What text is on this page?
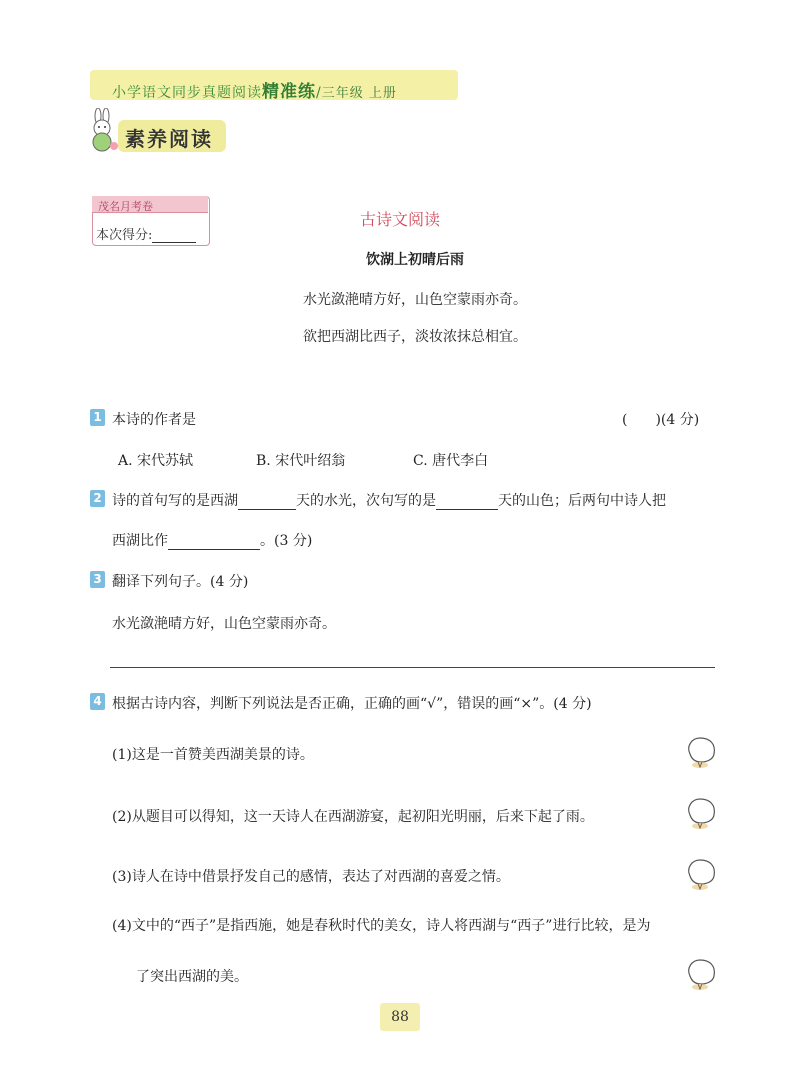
小学语文同步真题阅读精准练/三年级 上册
素养阅读
茂名月考卷
本次得分:
古诗文阅读
饮湖上初晴后雨
水光潋滟晴方好，山色空蒙雨亦奇。
欲把西湖比西子，淡妆浓抹总相宜。
1 本诗的作者是	(　　)(4 分)
A. 宋代苏轼	B. 宋代叶绍翁	C. 唐代李白
2 诗的首句写的是西湖	天的水光，次句写的是	天的山色；后两句中诗人把
西湖比作	。(3 分)
3 翻译下列句子。(4 分)
水光潋滟晴方好，山色空蒙雨亦奇。
4 根据古诗内容，判断下列说法是否正确，正确的画“√”，错误的画“×”。(4 分)
(1)这是一首赞美西湖美景的诗。
(2)从题目可以得知，这一天诗人在西湖游宴，起初阳光明丽，后来下起了雨。
(3)诗人在诗中借景抒发自己的感情，表达了对西湖的喜爱之情。
(4)文中的“西子”是指西施，她是春秋时代的美女，诗人将西湖与“西子”进行比较，是为
了突出西湖的美。
88
